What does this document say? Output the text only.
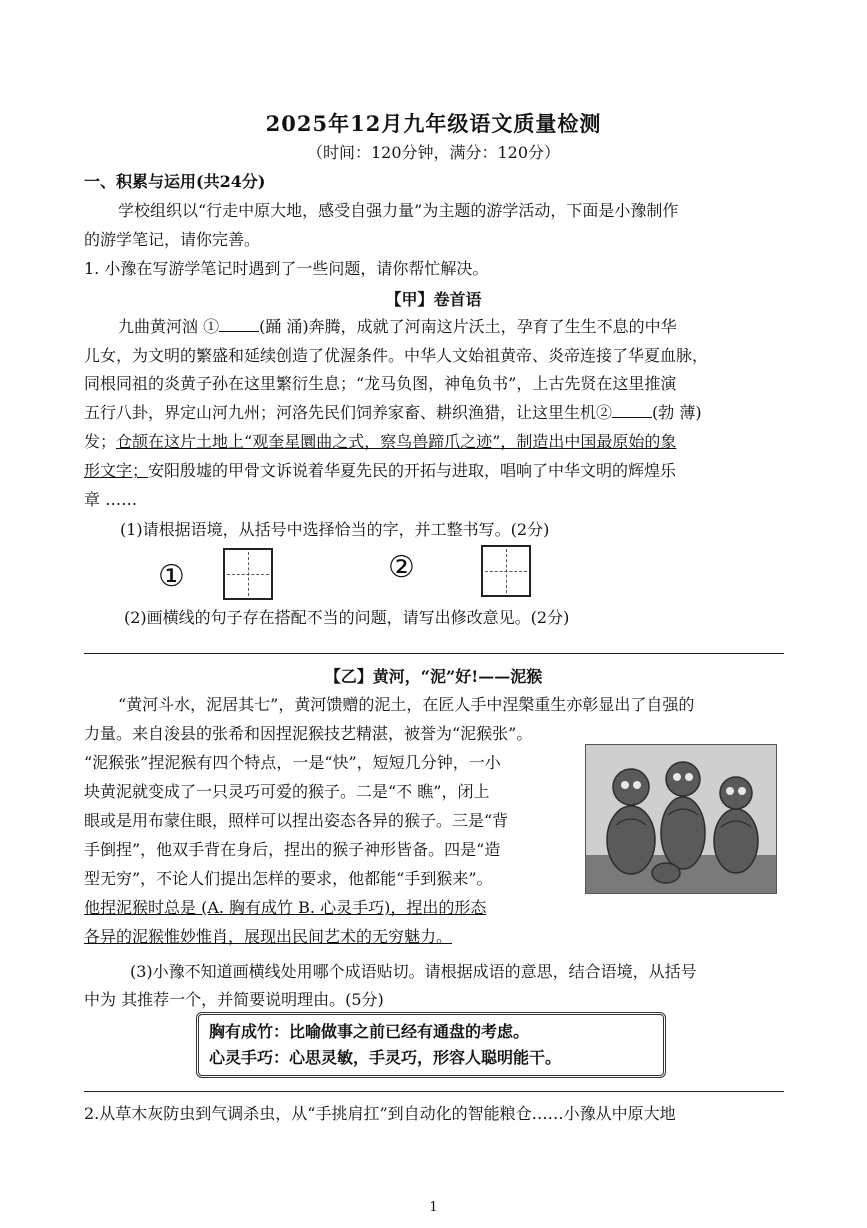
2025年12月九年级语文质量检测
（时间：120分钟，满分：120分）
一、积累与运用(共24分)
学校组织以“行走中原大地，感受自强力量”为主题的游学活动，下面是小豫制作
的游学笔记，请你完善。
1. 小豫在写游学笔记时遇到了一些问题，请你帮忙解决。
【甲】卷首语
九曲黄河汹 ①	(踊 涌)奔腾，成就了河南这片沃土，孕育了生生不息的中华
儿女，为文明的繁盛和延续创造了优渥条件。中华人文始祖黄帝、炎帝连接了华夏血脉，
同根同祖的炎黄子孙在这里繁衍生息；“龙马负图，神龟负书”，上古先贤在这里推演
五行八卦，界定山河九州；河洛先民们饲养家畜、耕织渔猎，让这里生机②	(勃 薄)
发；仓颉在这片土地上“观奎星圜曲之式，察鸟兽蹄爪之迹”，制造出中国最原始的象
形文字；安阳殷墟的甲骨文诉说着华夏先民的开拓与进取，唱响了中华文明的辉煌乐
章 ……
(1)请根据语境，从括号中选择恰当的字，并工整书写。(2分)
①	②
(2)画横线的句子存在搭配不当的问题，请写出修改意见。(2分)
【乙】黄河，“泥”好!——泥猴
“黄河斗水，泥居其七”，黄河馈赠的泥土，在匠人手中涅槃重生亦彰显出了自强的
力量。来自浚县的张希和因捏泥猴技艺精湛，被誉为“泥猴张”。
“泥猴张”捏泥猴有四个特点，一是“快”，短短几分钟，一小
块黄泥就变成了一只灵巧可爱的猴子。二是“不 瞧”，闭上
眼或是用布蒙住眼，照样可以捏出姿态各异的猴子。三是“背
手倒捏”，他双手背在身后，捏出的猴子神形皆备。四是“造
型无穷”，不论人们提出怎样的要求，他都能“手到猴来”。
他捏泥猴时总是 (A. 胸有成竹 B. 心灵手巧)，捏出的形态
各异的泥猴惟妙惟肖，展现出民间艺术的无穷魅力。
(3)小豫不知道画横线处用哪个成语贴切。请根据成语的意思，结合语境，从括号
中为 其推荐一个，并简要说明理由。(5分)
胸有成竹：比喻做事之前已经有通盘的考虑。
心灵手巧：心思灵敏，手灵巧，形容人聪明能干。
2.从草木灰防虫到气调杀虫，从“手挑肩扛”到自动化的智能粮仓……小豫从中原大地
1
